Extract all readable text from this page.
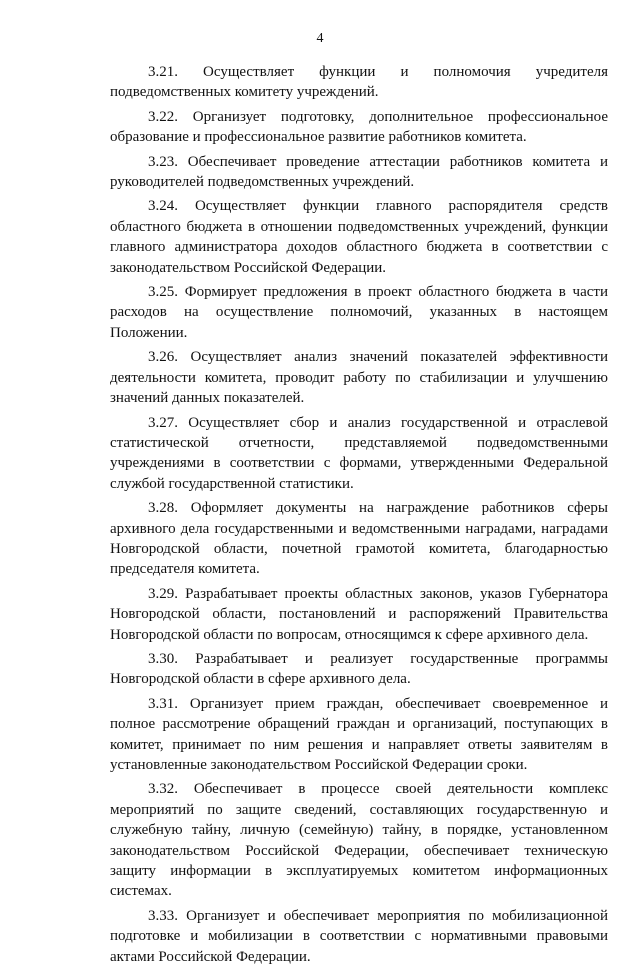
4

3.21. Осуществляет функции и полномочия учредителя подведомственных комитету учреждений.

3.22. Организует подготовку, дополнительное профессиональное образование и профессиональное развитие работников комитета.

3.23. Обеспечивает проведение аттестации работников комитета и руководителей подведомственных учреждений.

3.24. Осуществляет функции главного распорядителя средств областного бюджета в отношении подведомственных учреждений, функции главного администратора доходов областного бюджета в соответствии с законодательством Российской Федерации.

3.25. Формирует предложения в проект областного бюджета в части расходов на осуществление полномочий, указанных в настоящем Положении.

3.26. Осуществляет анализ значений показателей эффективности деятельности комитета, проводит работу по стабилизации и улучшению значений данных показателей.

3.27. Осуществляет сбор и анализ государственной и отраслевой статистической отчетности, представляемой подведомственными учреждениями в соответствии с формами, утвержденными Федеральной службой государственной статистики.

3.28. Оформляет документы на награждение работников сферы архивного дела государственными и ведомственными наградами, наградами Новгородской области, почетной грамотой комитета, благодарностью председателя комитета.

3.29. Разрабатывает проекты областных законов, указов Губернатора Новгородской области, постановлений и распоряжений Правительства Новгородской области по вопросам, относящимся к сфере архивного дела.

3.30. Разрабатывает и реализует государственные программы Новгородской области в сфере архивного дела.

3.31. Организует прием граждан, обеспечивает своевременное и полное рассмотрение обращений граждан и организаций, поступающих в комитет, принимает по ним решения и направляет ответы заявителям в установленные законодательством Российской Федерации сроки.

3.32. Обеспечивает в процессе своей деятельности комплекс мероприятий по защите сведений, составляющих государственную и служебную тайну, личную (семейную) тайну, в порядке, установленном законодательством Российской Федерации, обеспечивает техническую защиту информации в эксплуатируемых комитетом информационных системах.

3.33. Организует и обеспечивает мероприятия по мобилизационной подготовке и мобилизации в соответствии с нормативными правовыми актами Российской Федерации.
